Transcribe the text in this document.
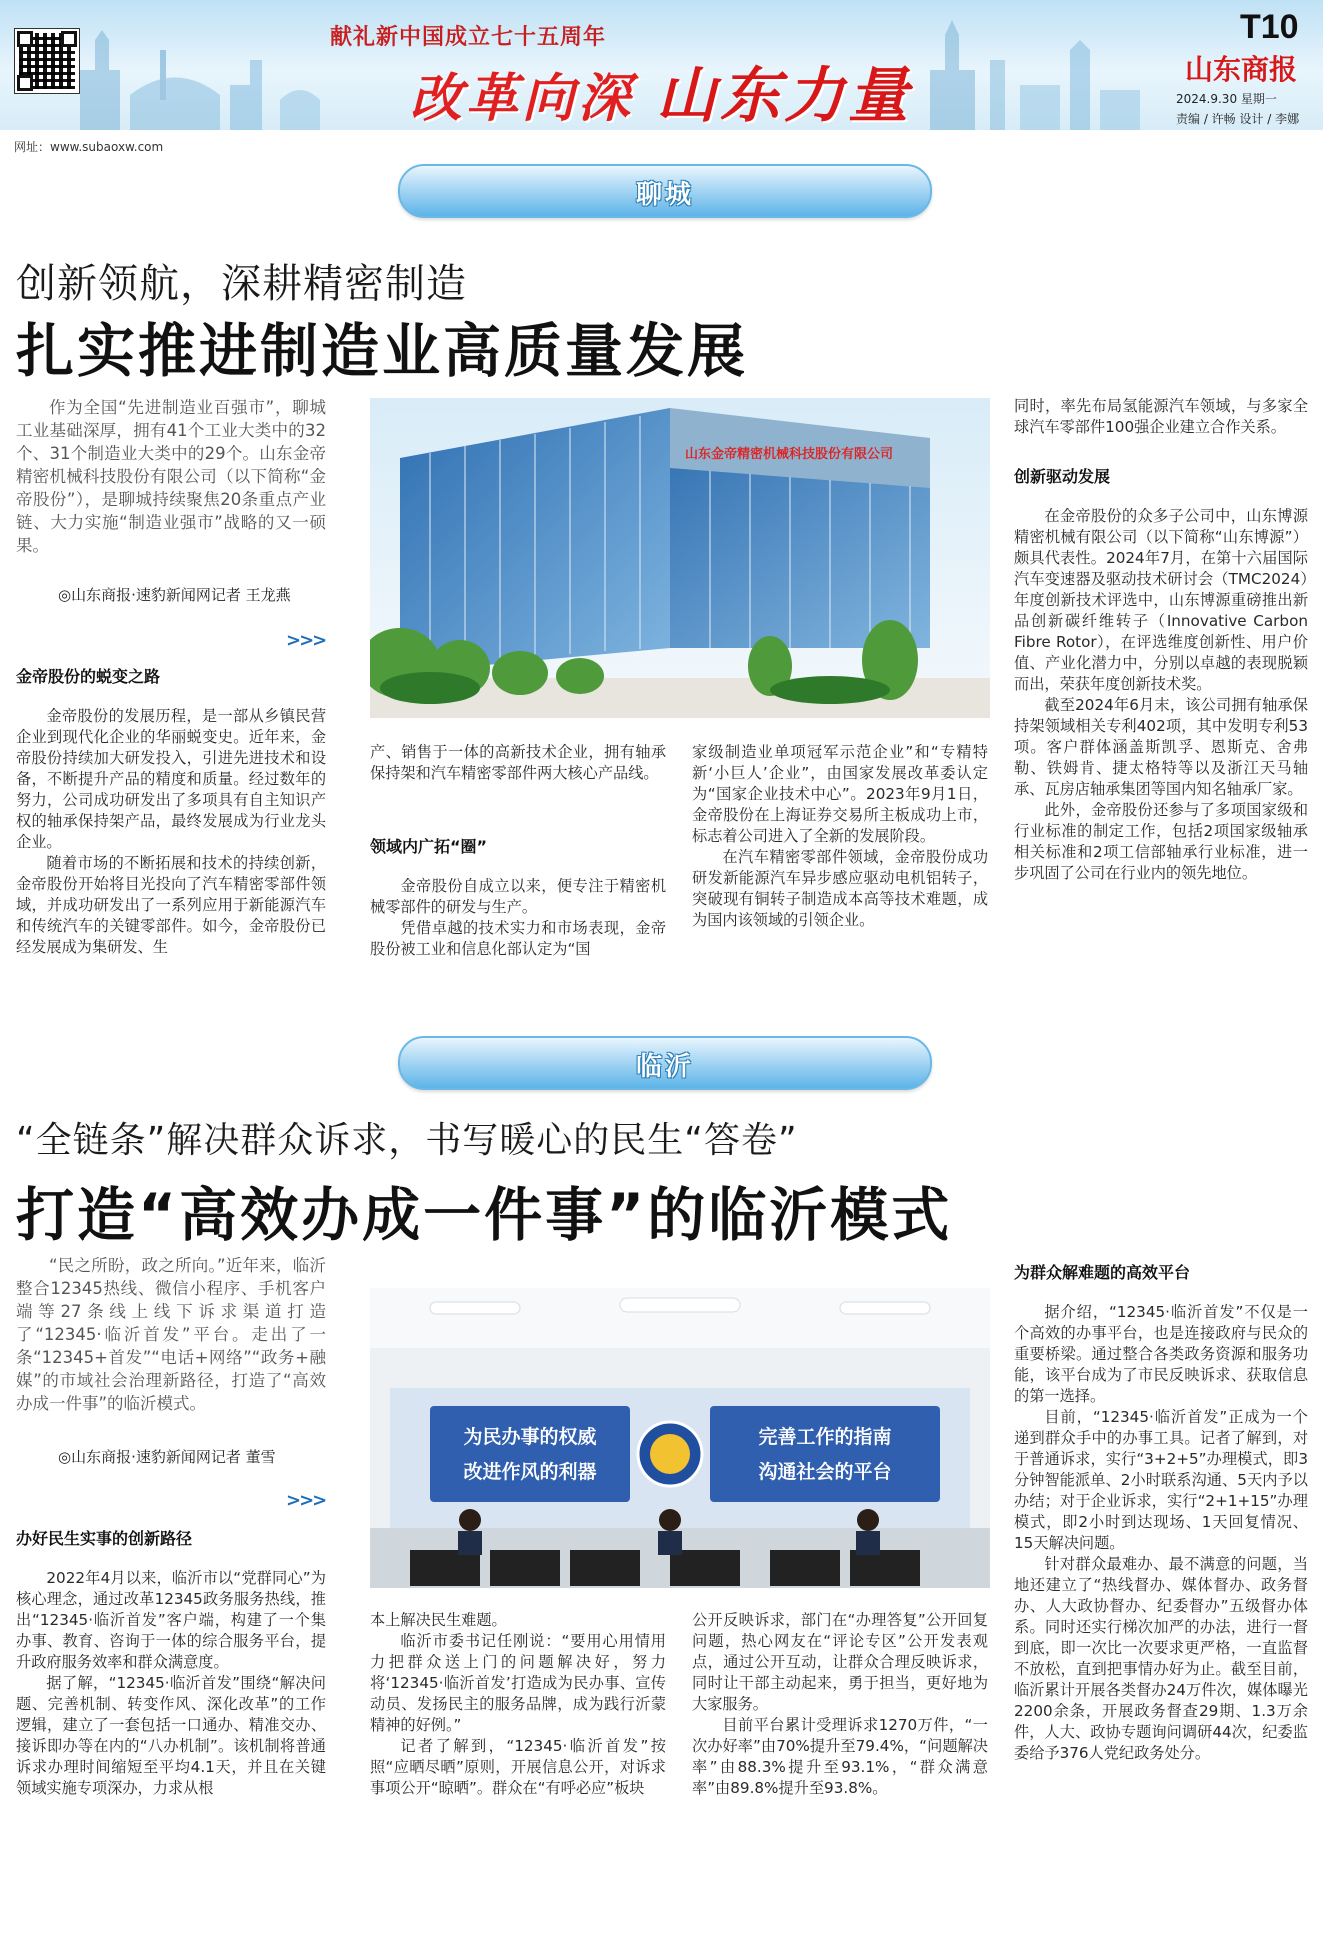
献礼新中国成立七十五周年
改革向深 山东力量
T10
山东商报
2024.9.30 星期一
责编 / 许畅 设计 / 李娜
网址：www.subaoxw.com
聊城
创新领航，深耕精密制造
扎实推进制造业高质量发展

作为全国“先进制造业百强市”，聊城工业基础深厚，拥有41个工业大类中的32个、31个制造业大类中的29个。山东金帝精密机械科技股份有限公司（以下简称“金帝股份”），是聊城持续聚焦20条重点产业链、大力实施“制造业强市”战略的又一硕果。

◎山东商报·速豹新闻网记者 王龙燕
>>>
金帝股份的蜕变之路

金帝股份的发展历程，是一部从乡镇民营企业到现代化企业的华丽蜕变史。近年来，金帝股份持续加大研发投入，引进先进技术和设备，不断提升产品的精度和质量。经过数年的努力，公司成功研发出了多项具有自主知识产权的轴承保持架产品，最终发展成为行业龙头企业。

随着市场的不断拓展和技术的持续创新，金帝股份开始将目光投向了汽车精密零部件领域，并成功研发出了一系列应用于新能源汽车和传统汽车的关键零部件。如今，金帝股份已经发展成为集研发、生

山东金帝精密机械科技股份有限公司

产、销售于一体的高新技术企业，拥有轴承保持架和汽车精密零部件两大核心产品线。

领域内广拓“圈”

金帝股份自成立以来，便专注于精密机械零部件的研发与生产。

凭借卓越的技术实力和市场表现，金帝股份被工业和信息化部认定为“国

家级制造业单项冠军示范企业”和“专精特新‘小巨人’企业”，由国家发展改革委认定为“国家企业技术中心”。2023年9月1日，金帝股份在上海证券交易所主板成功上市，标志着公司进入了全新的发展阶段。

在汽车精密零部件领域，金帝股份成功研发新能源汽车异步感应驱动电机铝转子，突破现有铜转子制造成本高等技术难题，成为国内该领域的引领企业。

同时，率先布局氢能源汽车领域，与多家全球汽车零部件100强企业建立合作关系。

创新驱动发展

在金帝股份的众多子公司中，山东博源精密机械有限公司（以下简称“山东博源”）颇具代表性。2024年7月，在第十六届国际汽车变速器及驱动技术研讨会（TMC2024）年度创新技术评选中，山东博源重磅推出新品创新碳纤维转子（Innovative Carbon Fibre Rotor），在评选维度创新性、用户价值、产业化潜力中，分别以卓越的表现脱颖而出，荣获年度创新技术奖。

截至2024年6月末，该公司拥有轴承保持架领域相关专利402项，其中发明专利53项。客户群体涵盖斯凯孚、恩斯克、舍弗勒、铁姆肯、捷太格特等以及浙江天马轴承、瓦房店轴承集团等国内知名轴承厂家。

此外，金帝股份还参与了多项国家级和行业标准的制定工作，包括2项国家级轴承相关标准和2项工信部轴承行业标准，进一步巩固了公司在行业内的领先地位。

临沂
“全链条”解决群众诉求，书写暖心的民生“答卷”
打造“高效办成一件事”的临沂模式

“民之所盼，政之所向。”近年来，临沂整合12345热线、微信小程序、手机客户端等27条线上线下诉求渠道打造了“12345·临沂首发”平台。走出了一条“12345+首发”“电话+网络”“政务+融媒”的市域社会治理新路径，打造了“高效办成一件事”的临沂模式。

◎山东商报·速豹新闻网记者 董雪
>>>
办好民生实事的创新路径

2022年4月以来，临沂市以“党群同心”为核心理念，通过改革12345政务服务热线，推出“12345·临沂首发”客户端，构建了一个集办事、教育、咨询于一体的综合服务平台，提升政府服务效率和群众满意度。

据了解，“12345·临沂首发”围绕“解决问题、完善机制、转变作风、深化改革”的工作逻辑，建立了一套包括一口通办、精准交办、接诉即办等在内的“八办机制”。该机制将普通诉求办理时间缩短至平均4.1天，并且在关键领域实施专项深办，力求从根

为民办事的权威
改进作风的利器
完善工作的指南
沟通社会的平台

本上解决民生难题。

临沂市委书记任刚说：“要用心用情用力把群众送上门的问题解决好，努力将‘12345·临沂首发’打造成为民办事、宣传动员、发扬民主的服务品牌，成为践行沂蒙精神的好例。”

记者了解到，“12345·临沂首发”按照“应晒尽晒”原则，开展信息公开，对诉求事项公开“晾晒”。群众在“有呼必应”板块

公开反映诉求，部门在“办理答复”公开回复问题，热心网友在“评论专区”公开发表观点，通过公开互动，让群众合理反映诉求，同时让干部主动起来，勇于担当，更好地为大家服务。

目前平台累计受理诉求1270万件，“一次办好率”由70%提升至79.4%，“问题解决率”由88.3%提升至93.1%，“群众满意率”由89.8%提升至93.8%。

为群众解难题的高效平台

据介绍，“12345·临沂首发”不仅是一个高效的办事平台，也是连接政府与民众的重要桥梁。通过整合各类政务资源和服务功能，该平台成为了市民反映诉求、获取信息的第一选择。

目前，“12345·临沂首发”正成为一个递到群众手中的办事工具。记者了解到，对于普通诉求，实行“3+2+5”办理模式，即3分钟智能派单、2小时联系沟通、5天内予以办结；对于企业诉求，实行“2+1+15”办理模式，即2小时到达现场、1天回复情况、15天解决问题。

针对群众最难办、最不满意的问题，当地还建立了“热线督办、媒体督办、政务督办、人大政协督办、纪委督办”五级督办体系。同时还实行梯次加严的办法，进行一督到底，即一次比一次要求更严格，一直监督不放松，直到把事情办好为止。截至目前，临沂累计开展各类督办24万件次，媒体曝光2200余条，开展政务督查29期、1.3万余件，人大、政协专题询问调研44次，纪委监委给予376人党纪政务处分。
